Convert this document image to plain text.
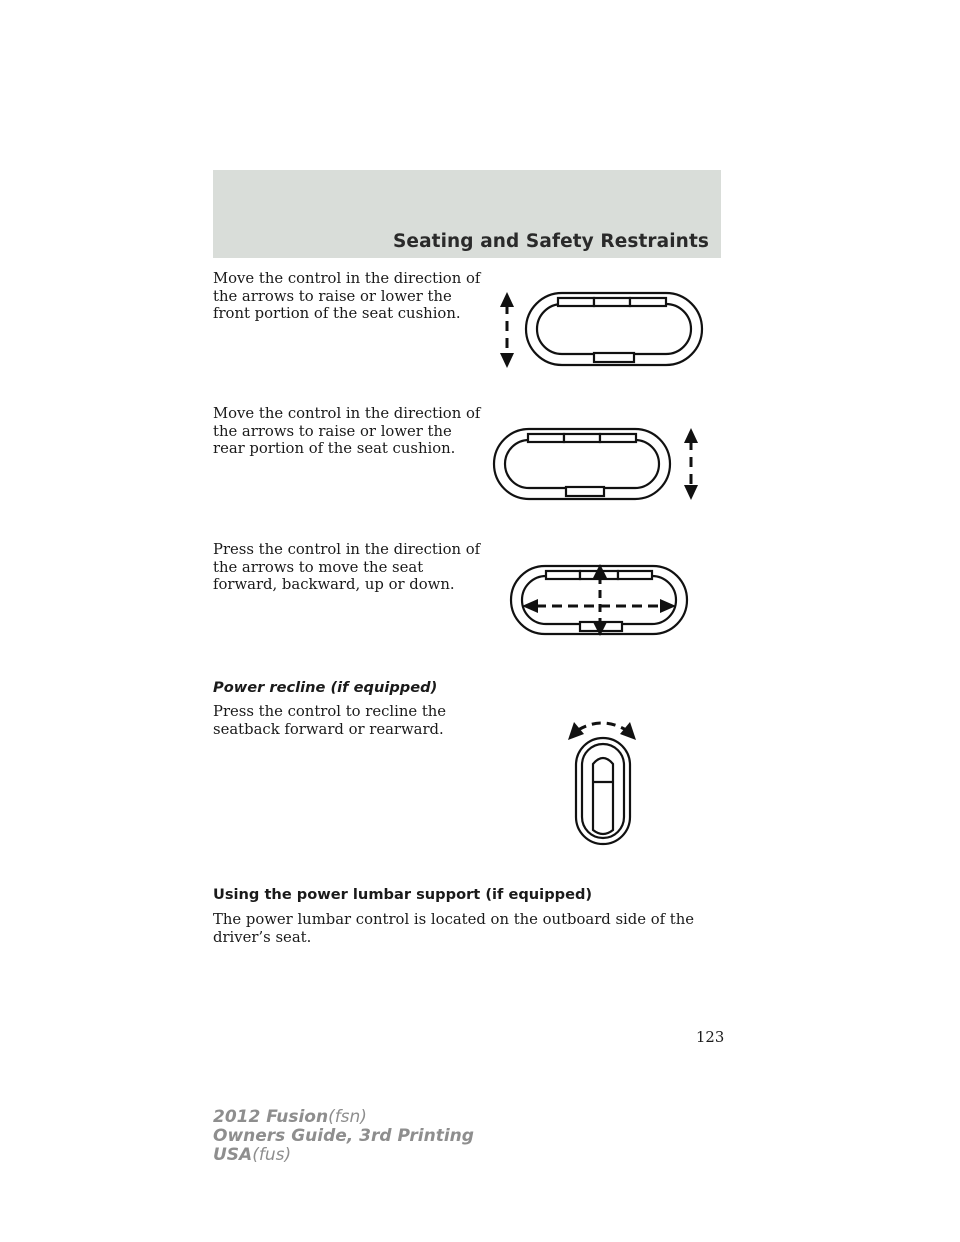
Seating and Safety Restraints

Move the control in the direction of the arrows to raise or lower the front portion of the seat cushion.

Move the control in the direction of the arrows to raise or lower the rear portion of the seat cushion.

Press the control in the direction of the arrows to move the seat forward, backward, up or down.

Power recline (if equipped)

Press the control to recline the seatback forward or rearward.

Using the power lumbar support (if equipped)

The power lumbar control is located on the outboard side of the driver’s seat.

123
2012 Fusion(fsn)
Owners Guide, 3rd Printing
USA(fus)
